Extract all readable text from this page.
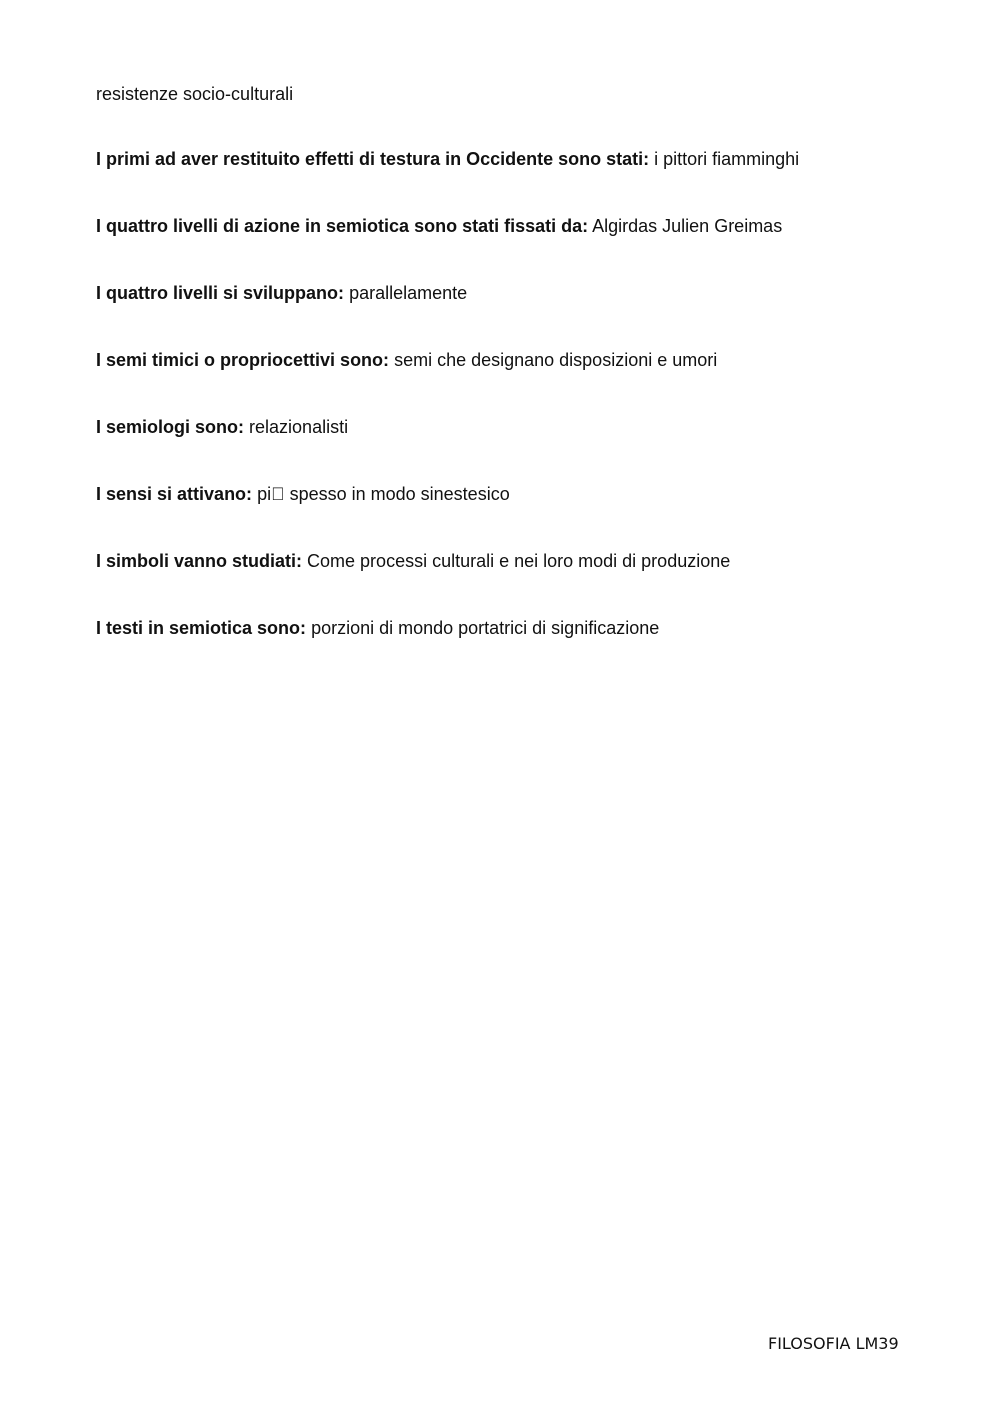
resistenze socio-culturali
I primi ad aver restituito effetti di testura in Occidente sono stati: i pittori fiamminghi
I quattro livelli di azione in semiotica sono stati fissati da: Algirdas Julien Greimas
I quattro livelli si sviluppano: parallelamente
I semi timici o propriocettivi sono: semi che designano disposizioni e umori
I semiologi sono: relazionalisti
I sensi si attivano: pi  spesso in modo sinestesico
I simboli vanno studiati: Come processi culturali e nei loro modi di produzione
I testi in semiotica sono: porzioni di mondo portatrici di significazione
FILOSOFIA LM39
